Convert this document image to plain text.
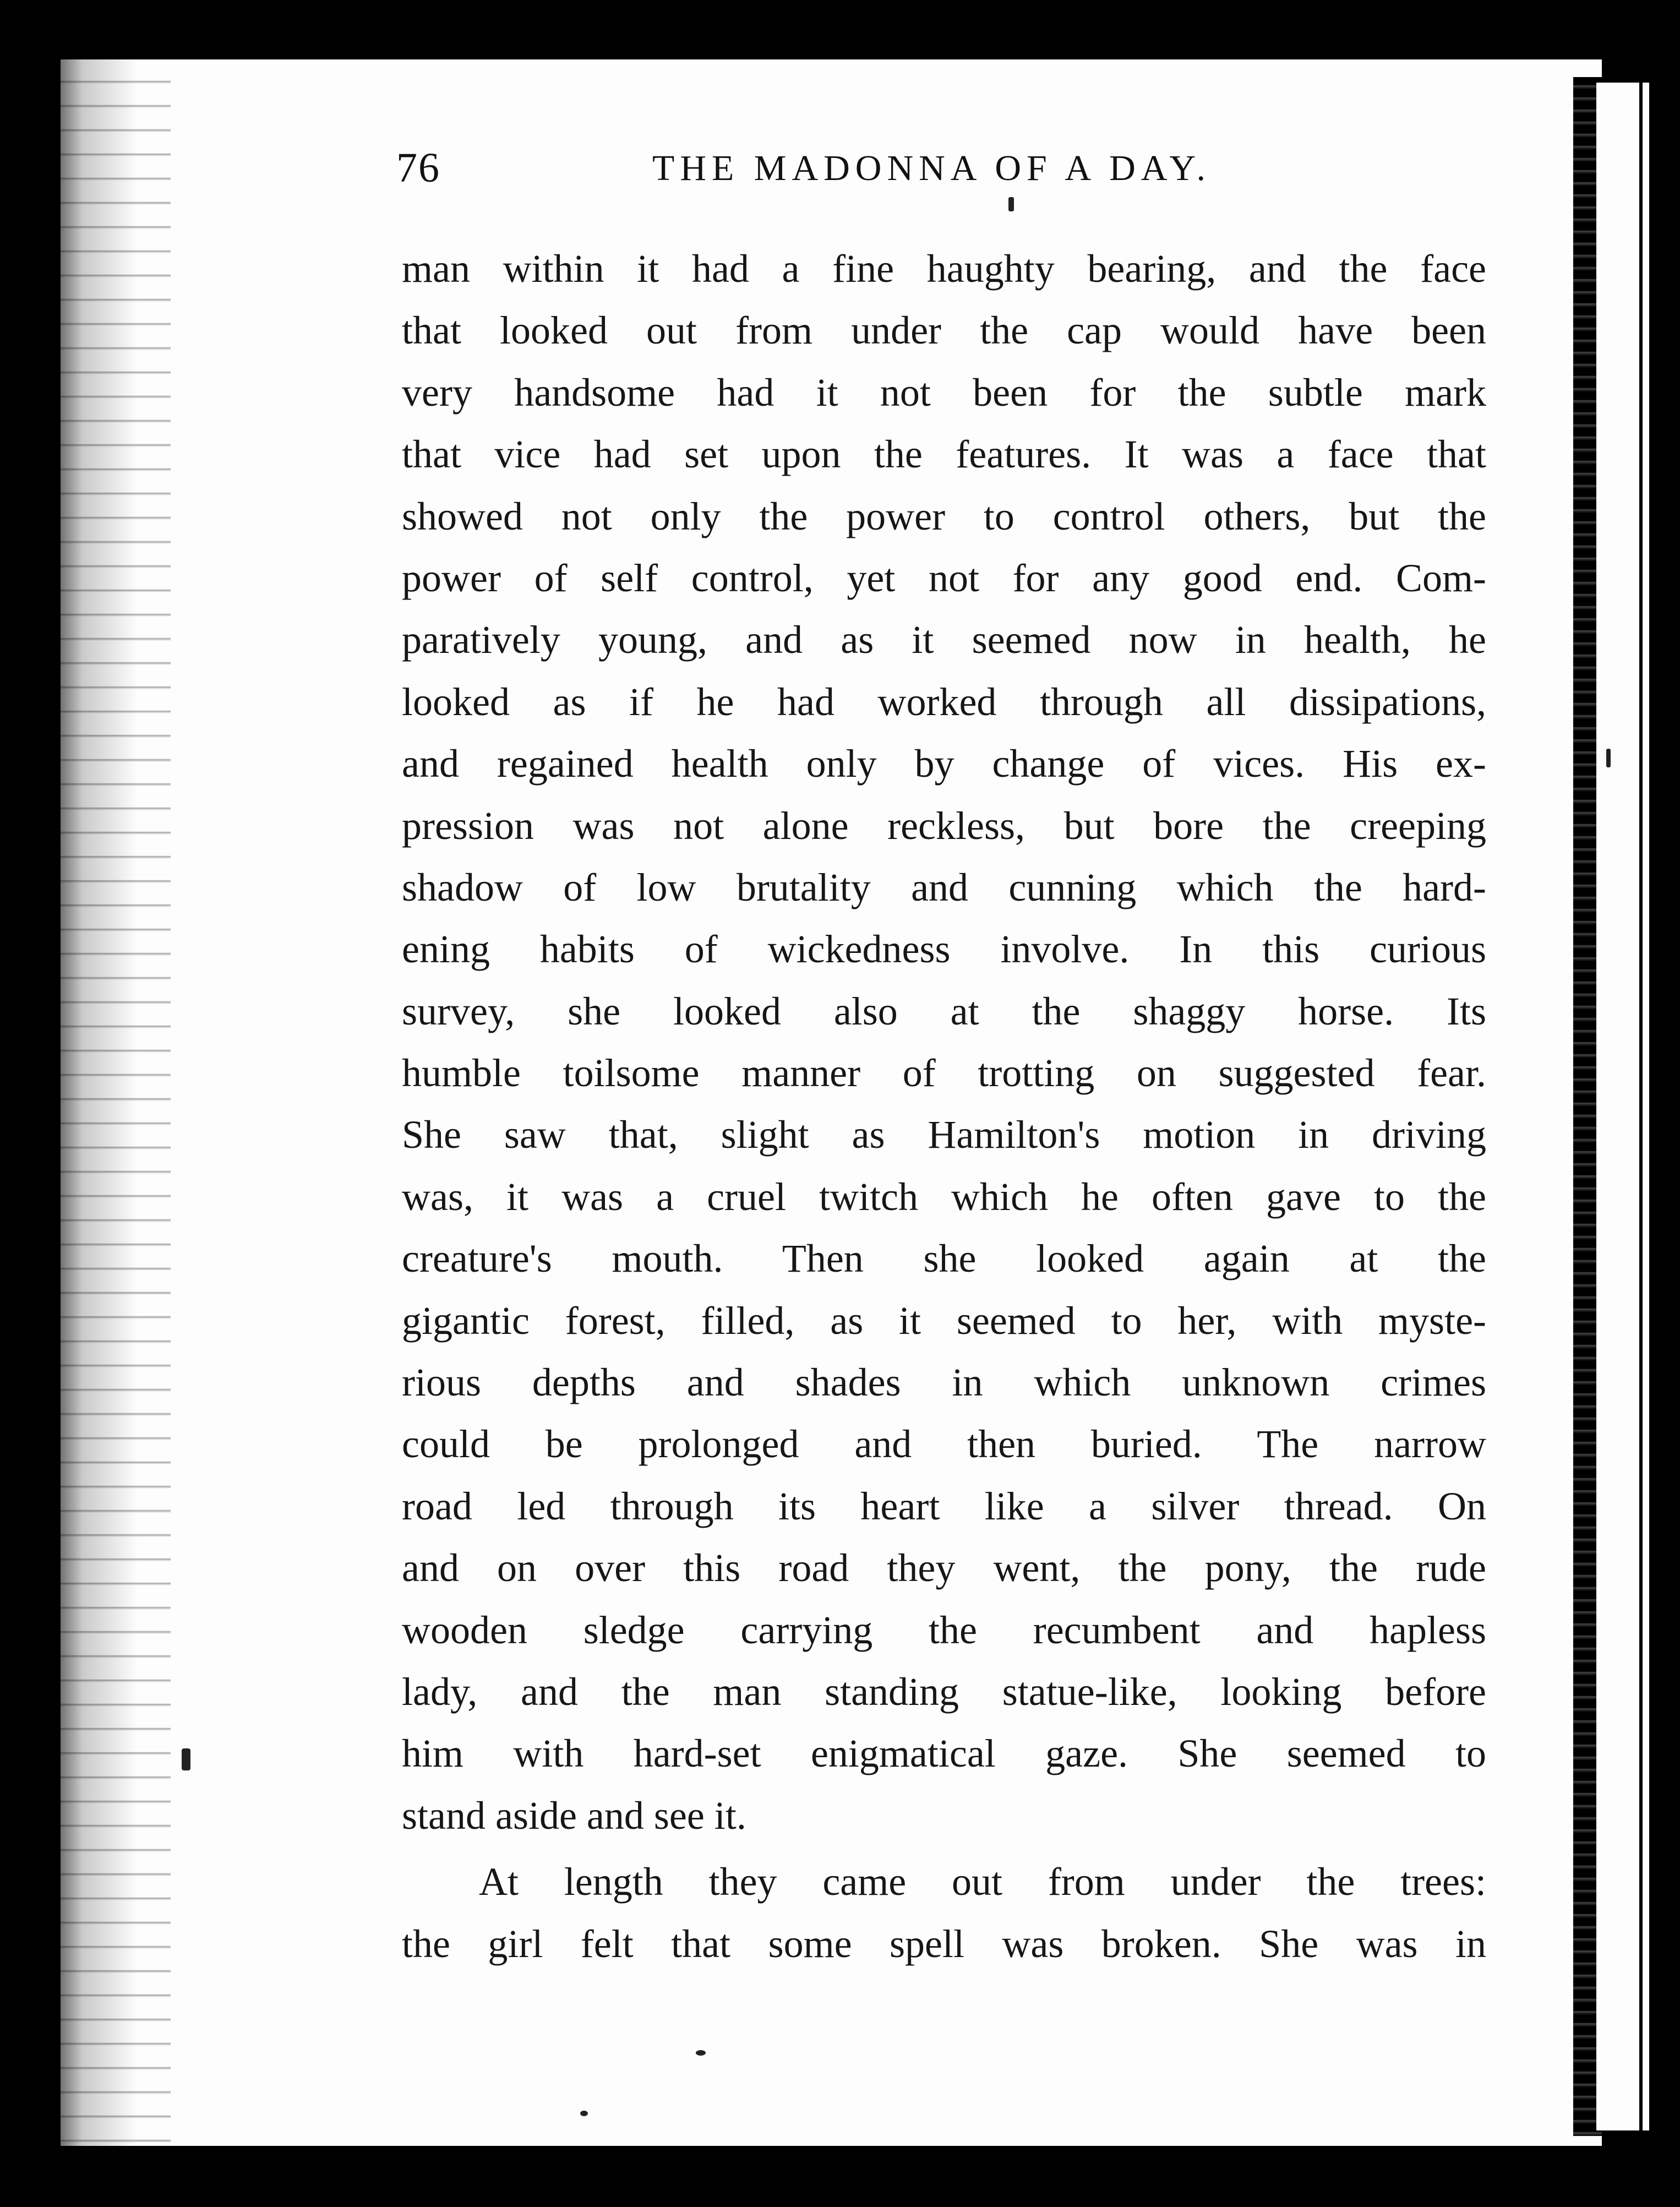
76	THE MADONNA OF A DAY.
man within it had a fine haughty bearing, and the face
that looked out from under the cap would have been
very handsome had it not been for the subtle mark
that vice had set upon the features. It was a face that
showed not only the power to control others, but the
power of self control, yet not for any good end. Com-
paratively young, and as it seemed now in health, he
looked as if he had worked through all dissipations,
and regained health only by change of vices. His ex-
pression was not alone reckless, but bore the creeping
shadow of low brutality and cunning which the hard-
ening habits of wickedness involve. In this curious
survey, she looked also at the shaggy horse. Its
humble toilsome manner of trotting on suggested fear.
She saw that, slight as Hamilton's motion in driving
was, it was a cruel twitch which he often gave to the
creature's mouth. Then she looked again at the
gigantic forest, filled, as it seemed to her, with myste-
rious depths and shades in which unknown crimes
could be prolonged and then buried. The narrow
road led through its heart like a silver thread. On
and on over this road they went, the pony, the rude
wooden sledge carrying the recumbent and hapless
lady, and the man standing statue-like, looking before
him with hard-set enigmatical gaze. She seemed to
stand aside and see it.
At length they came out from under the trees:
the girl felt that some spell was broken. She was in
